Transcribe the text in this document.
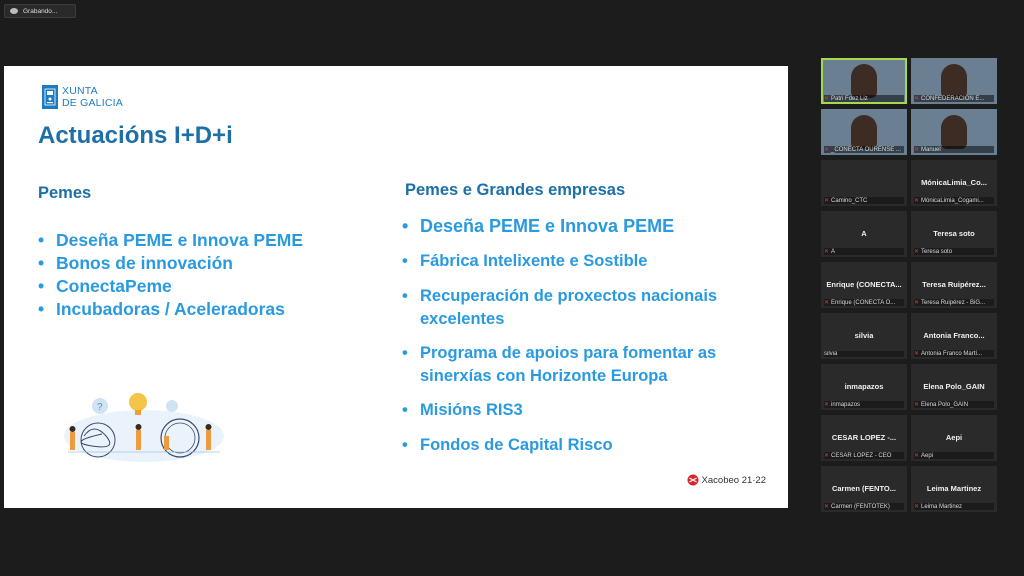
Grabando...
XUNTA
DE GALICIA
Actuacións I+D+i
Pemes
• Deseña PEME e Innova PEME
• Bonos de innovación
• ConectaPeme
• Incubadoras / Aceleradoras
Pemes e Grandes empresas
• Deseña PEME e Innova PEME
• Fábrica Intelixente e Sostible
• Recuperación de proxectos nacionais excelentes
• Programa de apoios para fomentar as sinerxías con Horizonte Europa
• Misións RIS3
• Fondos de Capital Risco
?
Xacobeo 21·22
✕ Patri Fdez Liz	✕ CONFEDERACION E...
✕ _CONECTA OURENSE ... ✕ Manuel
✕ Camino_CTC
MónicaLimia_Co...
✕ MónicaLimia_Cogami...
A
✕ A
Teresa soto
✕ Teresa soto
Enrique (CONECTA...
✕ Enrique (CONECTA O...
Teresa Ruipérez...
✕ Teresa Ruipérez - BiG...
silvia
silvia
Antonia Franco...
✕ Antonia Franco Martí...
inmapazos
✕ inmapazos
Elena Polo_GAIN
✕ Elena Polo_GAIN
CESAR LOPEZ -...
✕ CESAR LOPEZ - CEO
Aepi
✕ Aepi
Carmen (FENTO...
✕ Carmen (FENTOTEK)
Leima Martinez
✕ Leima Martinez
